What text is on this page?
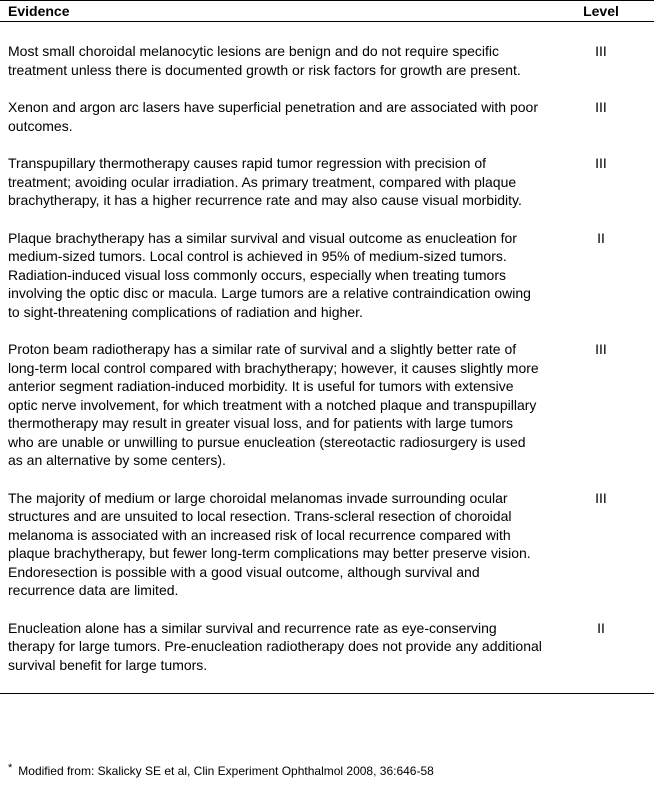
Evidence	Level
Most small choroidal melanocytic lesions are benign and do not require specific treatment unless there is documented growth or risk factors for growth are present.	III
Xenon and argon arc lasers have superficial penetration and are associated with poor outcomes.	III
Transpupillary thermotherapy causes rapid tumor regression with precision of treatment; avoiding ocular irradiation. As primary treatment, compared with plaque brachytherapy, it has a higher recurrence rate and may also cause visual morbidity.	III
Plaque brachytherapy has a similar survival and visual outcome as enucleation for medium-sized tumors. Local control is achieved in 95% of medium-sized tumors. Radiation-induced visual loss commonly occurs, especially when treating tumors involving the optic disc or macula. Large tumors are a relative contraindication owing to sight-threatening complications of radiation and higher.	II
Proton beam radiotherapy has a similar rate of survival and a slightly better rate of long-term local control compared with brachytherapy; however, it causes slightly more anterior segment radiation-induced morbidity. It is useful for tumors with extensive optic nerve involvement, for which treatment with a notched plaque and transpupillary thermotherapy may result in greater visual loss, and for patients with large tumors who are unable or unwilling to pursue enucleation (stereotactic radiosurgery is used as an alternative by some centers).	III
The majority of medium or large choroidal melanomas invade surrounding ocular structures and are unsuited to local resection. Trans-scleral resection of choroidal melanoma is associated with an increased risk of local recurrence compared with plaque brachytherapy, but fewer long-term complications may better preserve vision. Endoresection is possible with a good visual outcome, although survival and recurrence data are limited.	III
Enucleation alone has a similar survival and recurrence rate as eye-conserving therapy for large tumors. Pre-enucleation radiotherapy does not provide any additional survival benefit for large tumors.	II
* Modified from: Skalicky SE et al, Clin Experiment Ophthalmol 2008, 36:646-58
